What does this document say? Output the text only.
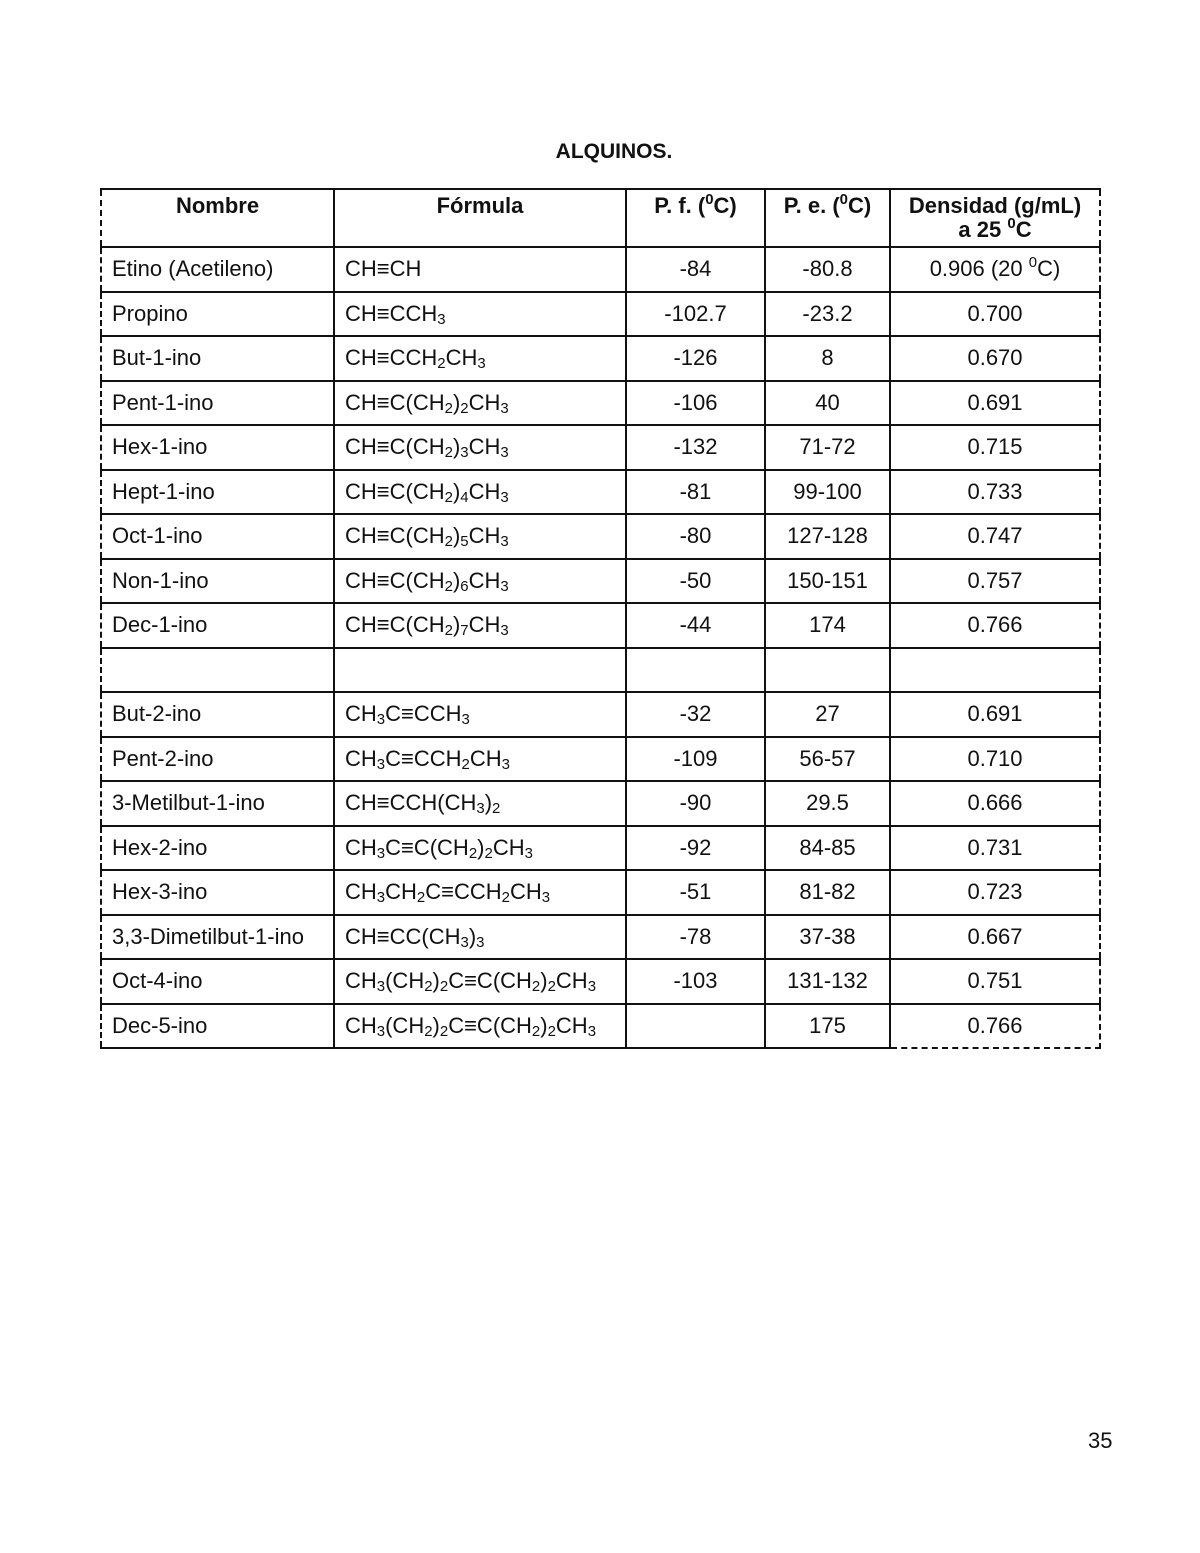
ALQUINOS.
Nombre	Fórmula	P. f. ($^0$C)	P. e. ($^0$C)	Densidad (g/mL)
a 25 $^0$C
Etino (Acetileno)	CH≡CH	-84	-80.8	0.906 (20 $^0$C)
Propino	$CH\equiv CCH_3$	-102.7	-23.2	0.700
But-1-ino	$CH\equiv CCH_2CH_3$	-126	8	0.670
Pent-1-ino	$CH\equiv C(CH_2)_2CH_3$	-106	40	0.691
Hex-1-ino	$CH\equiv C(CH_2)_3CH_3$	-132	71-72	0.715
Hept-1-ino	$CH\equiv C(CH_2)_4CH_3$	-81	99-100	0.733
Oct-1-ino	$CH\equiv C(CH_2)_5CH_3$	-80	127-128	0.747
Non-1-ino	$CH\equiv C(CH_2)_6CH_3$	-50	150-151	0.757
Dec-1-ino	$CH\equiv C(CH_2)_7CH_3$	-44	174	0.766

But-2-ino	$CH_3C\equiv CCH_3$	-32	27	0.691
Pent-2-ino	$CH_3C\equiv CCH_2CH_3$	-109	56-57	0.710
3-Metilbut-1-ino	$CH\equiv CCH(CH_3)_2$	-90	29.5	0.666
Hex-2-ino	$CH_3C\equiv C(CH_2)_2CH_3$	-92	84-85	0.731
Hex-3-ino	$CH_3CH_2C\equiv CCH_2CH_3$	-51	81-82	0.723
3,3-Dimetilbut-1-ino	$CH\equiv CC(CH_3)_3$	-78	37-38	0.667
Oct-4-ino	$CH_3(CH_2)_2C\equiv C(CH_2)_2CH_3$	-103	131-132	0.751
Dec-5-ino	$CH_3(CH_2)_2C\equiv C(CH_2)_2CH_3$		175	0.766
35
